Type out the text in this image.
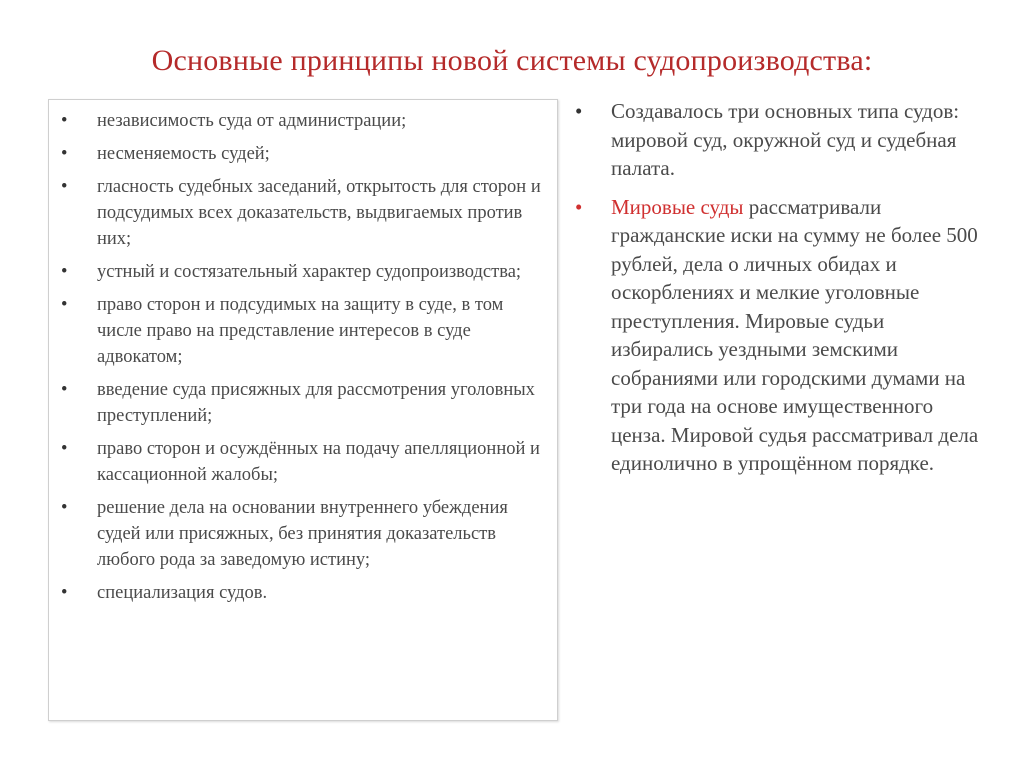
Основные принципы новой системы судопроизводства:
• независимость суда от администрации;
• несменяемость судей;
• гласность судебных заседаний, открытость для сторон и подсудимых всех доказательств, выдвигаемых против них;
• устный и состязательный характер судопроизводства;
• право сторон и подсудимых на защиту в суде, в том числе право на представление интересов в суде адвокатом;
• введение суда присяжных для рассмотрения уголовных преступлений;
• право сторон и осуждённых на подачу апелляционной и кассационной жалобы;
• решение дела на основании внутреннего убеждения судей или присяжных, без принятия доказательств любого рода за заведомую истину;
• специализация судов.

• Создавалось три основных типа судов: мировой суд, окружной суд и судебная палата.

• Мировые суды рассматривали гражданские иски на сумму не более 500 рублей, дела о личных обидах и оскорблениях и мелкие уголовные преступления. Мировые судьи избирались уездными земскими собраниями или городскими думами на три года на основе имущественного ценза. Мировой судья рассматривал дела единолично в упрощённом порядке.
